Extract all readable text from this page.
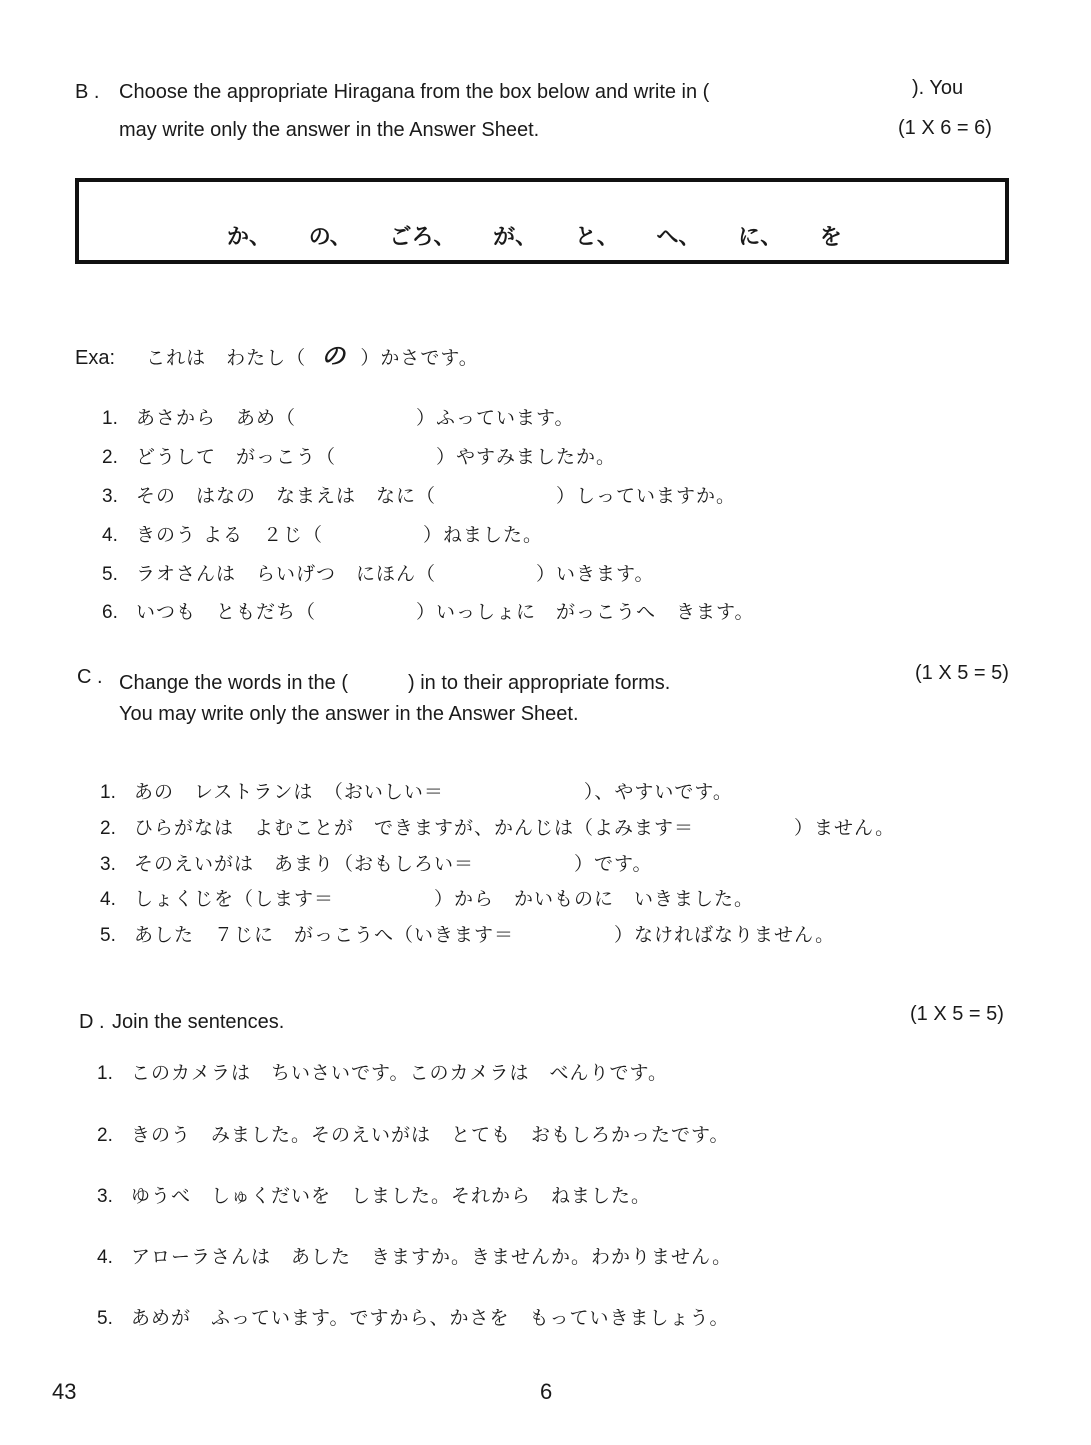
B . Choose the appropriate Hiragana from the box below and write in (	). You
may write only the answer in the Answer Sheet.	(1 X 6 = 6)
か、 の、 ごろ、 が、 と、 へ、 に、 を
Exa: これは　わたし（ の ）かさです。
1. あさから　あめ（　　　　　　）ふっています。
2. どうして　がっこう（　　　　　）やすみましたか。
3. その　はなの　なまえは　なに（　　　　　　）しっていますか。
4. きのう よる　２じ（　　　　　）ねました。
5. ラオさんは　らいげつ　にほん（　　　　　）いきます。
6. いつも　ともだち（　　　　　）いっしょに　がっこうへ　きます。
C . Change the words in the (　　　) in to their appropriate forms.	(1 X 5 = 5)
You may write only the answer in the Answer Sheet.
1. あの　レストランは　（おいしい＝　　　　　　　）、やすいです。
2. ひらがなは　よむことが　できますが、かんじは（よみます＝　　　　　）ません。
3. そのえいがは　あまり（おもしろい＝　　　　　）です。
4. しょくじを（します＝　　　　　）から　かいものに　いきました。
5. あした　７じに　がっこうへ（いきます＝　　　　　）なければなりません。
D . Join the sentences.	(1 X 5 = 5)
1. このカメラは　ちいさいです。このカメラは　べんりです。
2. きのう　みました。そのえいがは　とても　おもしろかったです。
3. ゆうべ　しゅくだいを　しました。それから　ねました。
4. アローラさんは　あした　きますか。きませんか。わかりません。
5. あめが　ふっています。ですから、かさを　もっていきましょう。
43	6
